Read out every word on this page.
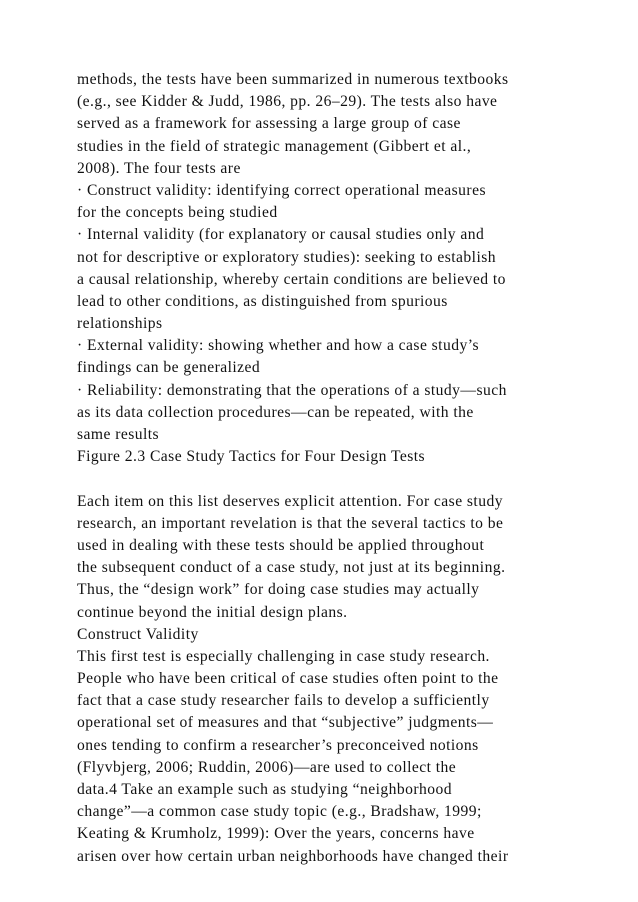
methods, the tests have been summarized in numerous textbooks
(e.g., see Kidder & Judd, 1986, pp. 26–29). The tests also have
served as a framework for assessing a large group of case
studies in the field of strategic management (Gibbert et al.,
2008). The four tests are
· Construct validity: identifying correct operational measures
for the concepts being studied
· Internal validity (for explanatory or causal studies only and
not for descriptive or exploratory studies): seeking to establish
a causal relationship, whereby certain conditions are believed to
lead to other conditions, as distinguished from spurious
relationships
· External validity: showing whether and how a case study’s
findings can be generalized
· Reliability: demonstrating that the operations of a study—such
as its data collection procedures—can be repeated, with the
same results
Figure 2.3 Case Study Tactics for Four Design Tests
Each item on this list deserves explicit attention. For case study
research, an important revelation is that the several tactics to be
used in dealing with these tests should be applied throughout
the subsequent conduct of a case study, not just at its beginning.
Thus, the “design work” for doing case studies may actually
continue beyond the initial design plans.
Construct Validity
This first test is especially challenging in case study research.
People who have been critical of case studies often point to the
fact that a case study researcher fails to develop a sufficiently
operational set of measures and that “subjective” judgments—
ones tending to confirm a researcher’s preconceived notions
(Flyvbjerg, 2006; Ruddin, 2006)—are used to collect the
data.4 Take an example such as studying “neighborhood
change”—a common case study topic (e.g., Bradshaw, 1999;
Keating & Krumholz, 1999): Over the years, concerns have
arisen over how certain urban neighborhoods have changed their
